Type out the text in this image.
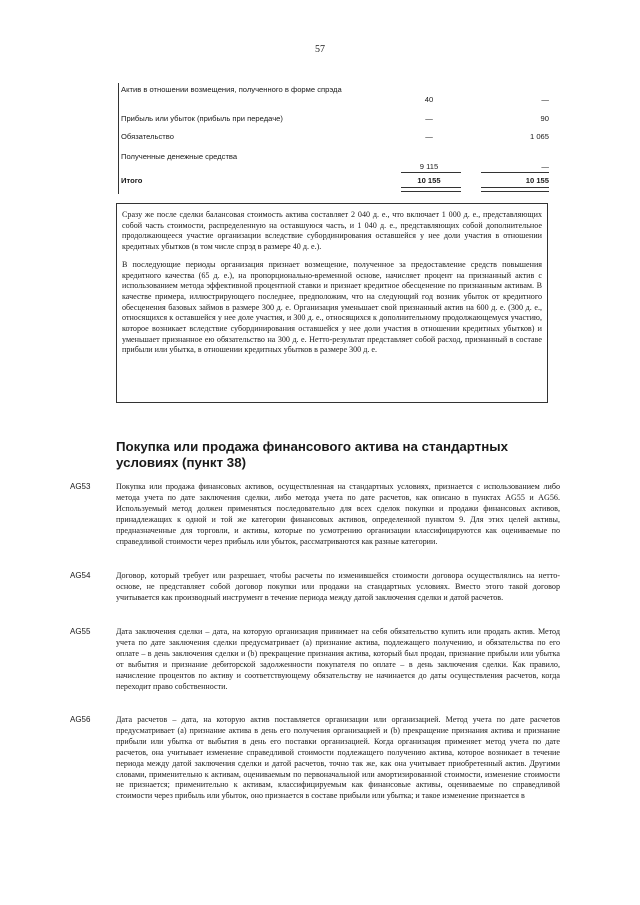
57
Актив в отношении возмещения, полученного в форме спрэда
40	—
Прибыль или убыток (прибыль при передаче)	—	90
Обязательство	—	1 065
Полученные денежные средства
9 115	—
Итого	10 155	10 155

Сразу же после сделки балансовая стоимость актива составляет 2 040 д. е., что включает 1 000 д. е., представляющих собой часть стоимости, распределенную на оставшуюся часть, и 1 040 д. е., представляющих собой дополнительное продолжающееся участие организации вследствие субординирования оставшейся у нее доли участия в отношении кредитных убытков (в том числе спрэд в размере 40 д. е.).

В последующие периоды организация признает возмещение, полученное за предоставление средств повышения кредитного качества (65 д. е.), на пропорционально-временной основе, начисляет процент на признанный актив с использованием метода эффективной процентной ставки и признает кредитное обесценение по признанным активам. В качестве примера, иллюстрирующего последнее, предположим, что на следующий год возник убыток от кредитного обесценения базовых займов в размере 300 д. е. Организация уменьшает свой признанный актив на 600 д. е. (300 д. е., относящихся к оставшейся у нее доле участия, и 300 д. е., относящихся к дополнительному продолжающемуся участию, которое возникает вследствие субординирования оставшейся у нее доли участия в отношении кредитных убытков) и уменьшает признанное ею обязательство на 300 д. е. Нетто-результат представляет собой расход, признанный в составе прибыли или убытка, в отношении кредитных убытков в размере 300 д. е.

Покупка или продажа финансового актива на стандартных условиях (пункт 38)
AG53	Покупка или продажа финансовых активов, осуществленная на стандартных условиях, признается с использованием либо метода учета по дате заключения сделки, либо метода учета по дате расчетов, как описано в пунктах AG55 и AG56. Используемый метод должен применяться последовательно для всех сделок покупки и продажи финансовых активов, принадлежащих к одной и той же категории финансовых активов, определенной пунктом 9. Для этих целей активы, предназначенные для торговли, и активы, которые по усмотрению организации классифицируются как оцениваемые по справедливой стоимости через прибыль или убыток, рассматриваются как разные категории.
AG54	Договор, который требует или разрешает, чтобы расчеты по изменившейся стоимости договора осуществлялись на нетто-основе, не представляет собой договор покупки или продажи на стандартных условиях. Вместо этого такой договор учитывается как производный инструмент в течение периода между датой заключения сделки и датой расчетов.
AG55	Дата заключения сделки – дата, на которую организация принимает на себя обязательство купить или продать актив. Метод учета по дате заключения сделки предусматривает (a) признание актива, подлежащего получению, и обязательства по его оплате – в день заключения сделки и (b) прекращение признания актива, который был продан, признание прибыли или убытка от выбытия и признание дебиторской задолженности покупателя по оплате – в день заключения сделки. Как правило, начисление процентов по активу и соответствующему обязательству не начинается до даты осуществления расчетов, когда переходит право собственности.
AG56	Дата расчетов – дата, на которую актив поставляется организации или организацией. Метод учета по дате расчетов предусматривает (a) признание актива в день его получения организацией и (b) прекращение признания актива и признание прибыли или убытка от выбытия в день его поставки организацией. Когда организация применяет метод учета по дате расчетов, она учитывает изменение справедливой стоимости подлежащего получению актива, которое возникает в течение периода между датой заключения сделки и датой расчетов, точно так же, как она учитывает приобретенный актив. Другими словами, применительно к активам, оцениваемым по первоначальной или амортизированной стоимости, изменение стоимости не признается; применительно к активам, классифицируемым как финансовые активы, оцениваемые по справедливой стоимости через прибыль или убыток, оно признается в составе прибыли или убытка; и такое изменение признается в
